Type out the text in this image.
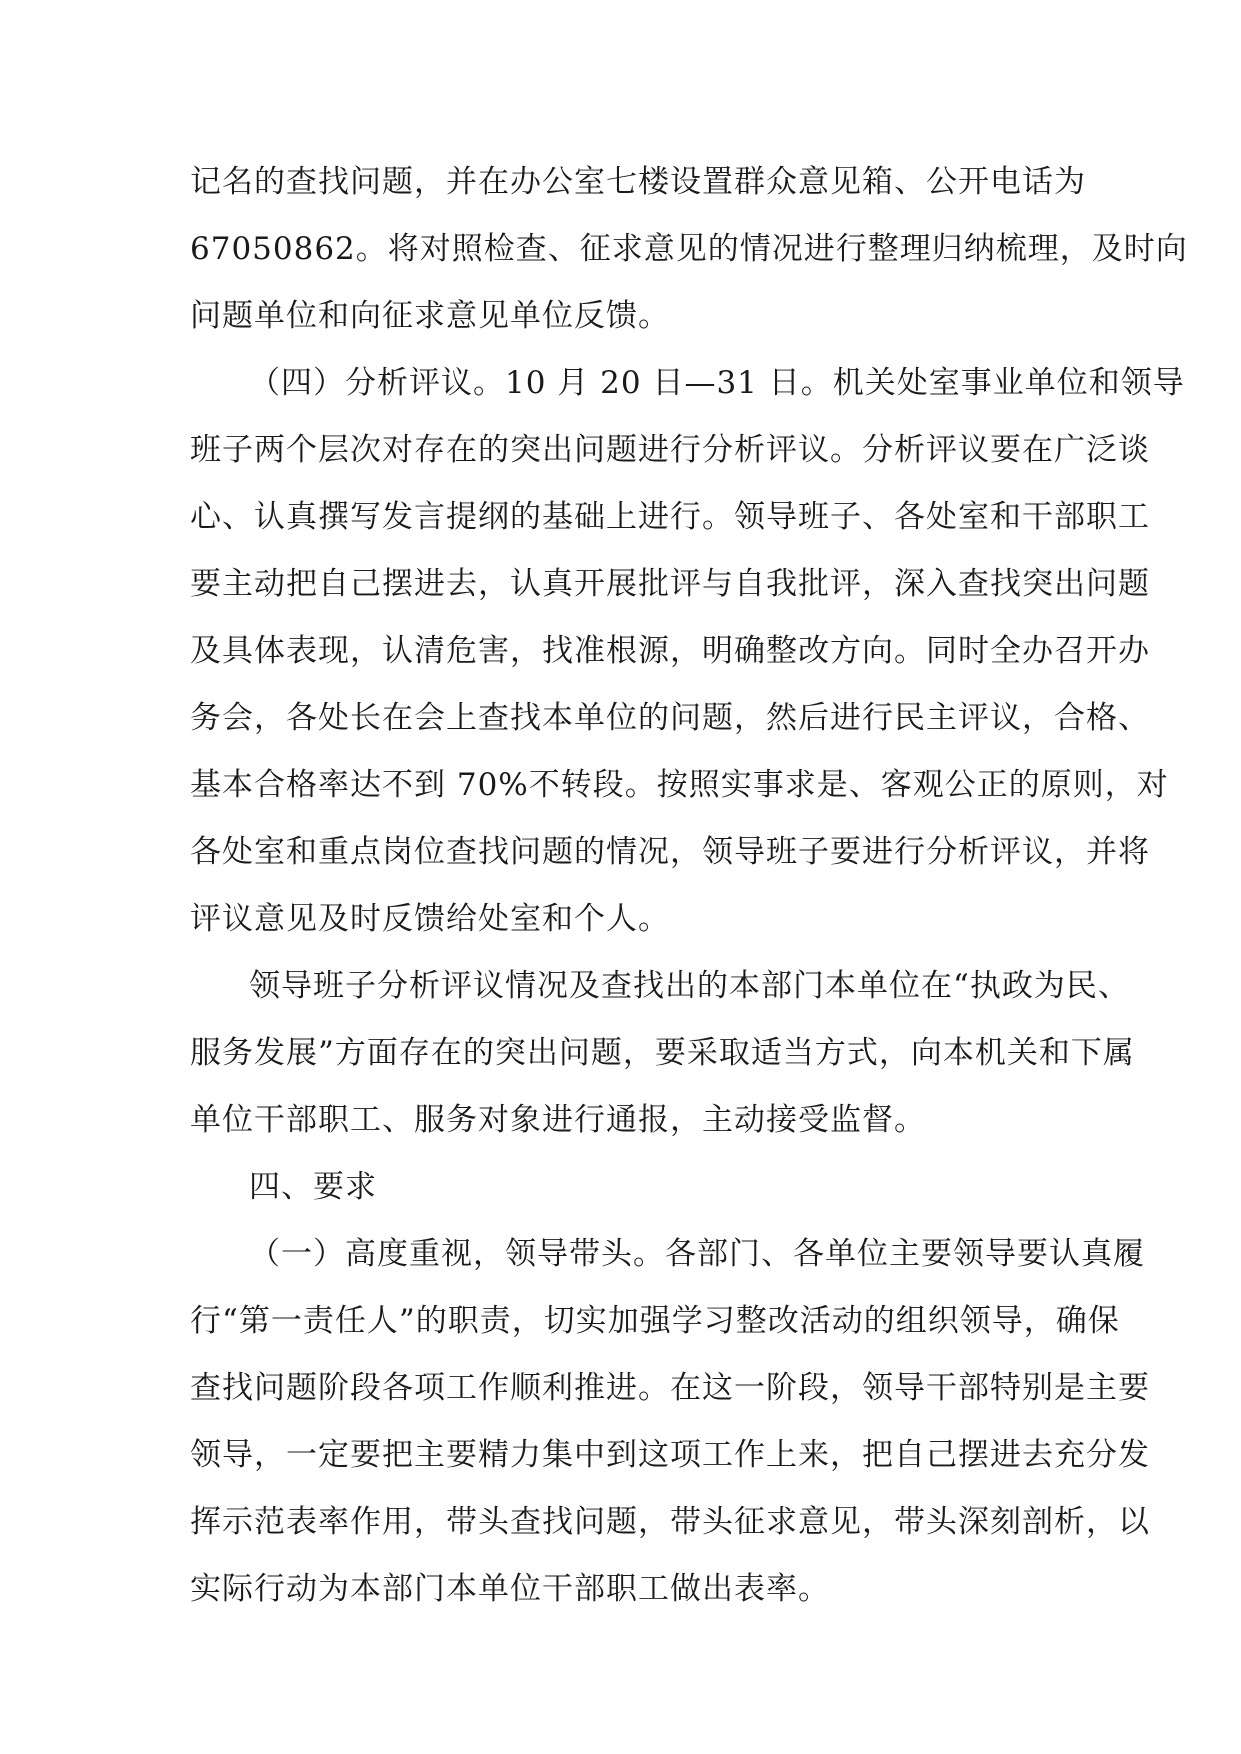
记名的查找问题，并在办公室七楼设置群众意见箱、公开电话为
67050862。将对照检查、征求意见的情况进行整理归纳梳理，及时向
问题单位和向征求意见单位反馈。
（四）分析评议。10 月 20 日—31 日。机关处室事业单位和领导
班子两个层次对存在的突出问题进行分析评议。分析评议要在广泛谈
心、认真撰写发言提纲的基础上进行。领导班子、各处室和干部职工
要主动把自己摆进去，认真开展批评与自我批评，深入查找突出问题
及具体表现，认清危害，找准根源，明确整改方向。同时全办召开办
务会，各处长在会上查找本单位的问题，然后进行民主评议，合格、
基本合格率达不到 70%不转段。按照实事求是、客观公正的原则，对
各处室和重点岗位查找问题的情况，领导班子要进行分析评议，并将
评议意见及时反馈给处室和个人。
领导班子分析评议情况及查找出的本部门本单位在“执政为民、
服务发展”方面存在的突出问题，要采取适当方式，向本机关和下属
单位干部职工、服务对象进行通报，主动接受监督。
四、要求
（一）高度重视，领导带头。各部门、各单位主要领导要认真履
行“第一责任人”的职责，切实加强学习整改活动的组织领导，确保
查找问题阶段各项工作顺利推进。在这一阶段，领导干部特别是主要
领导，一定要把主要精力集中到这项工作上来，把自己摆进去充分发
挥示范表率作用，带头查找问题，带头征求意见，带头深刻剖析，以
实际行动为本部门本单位干部职工做出表率。
